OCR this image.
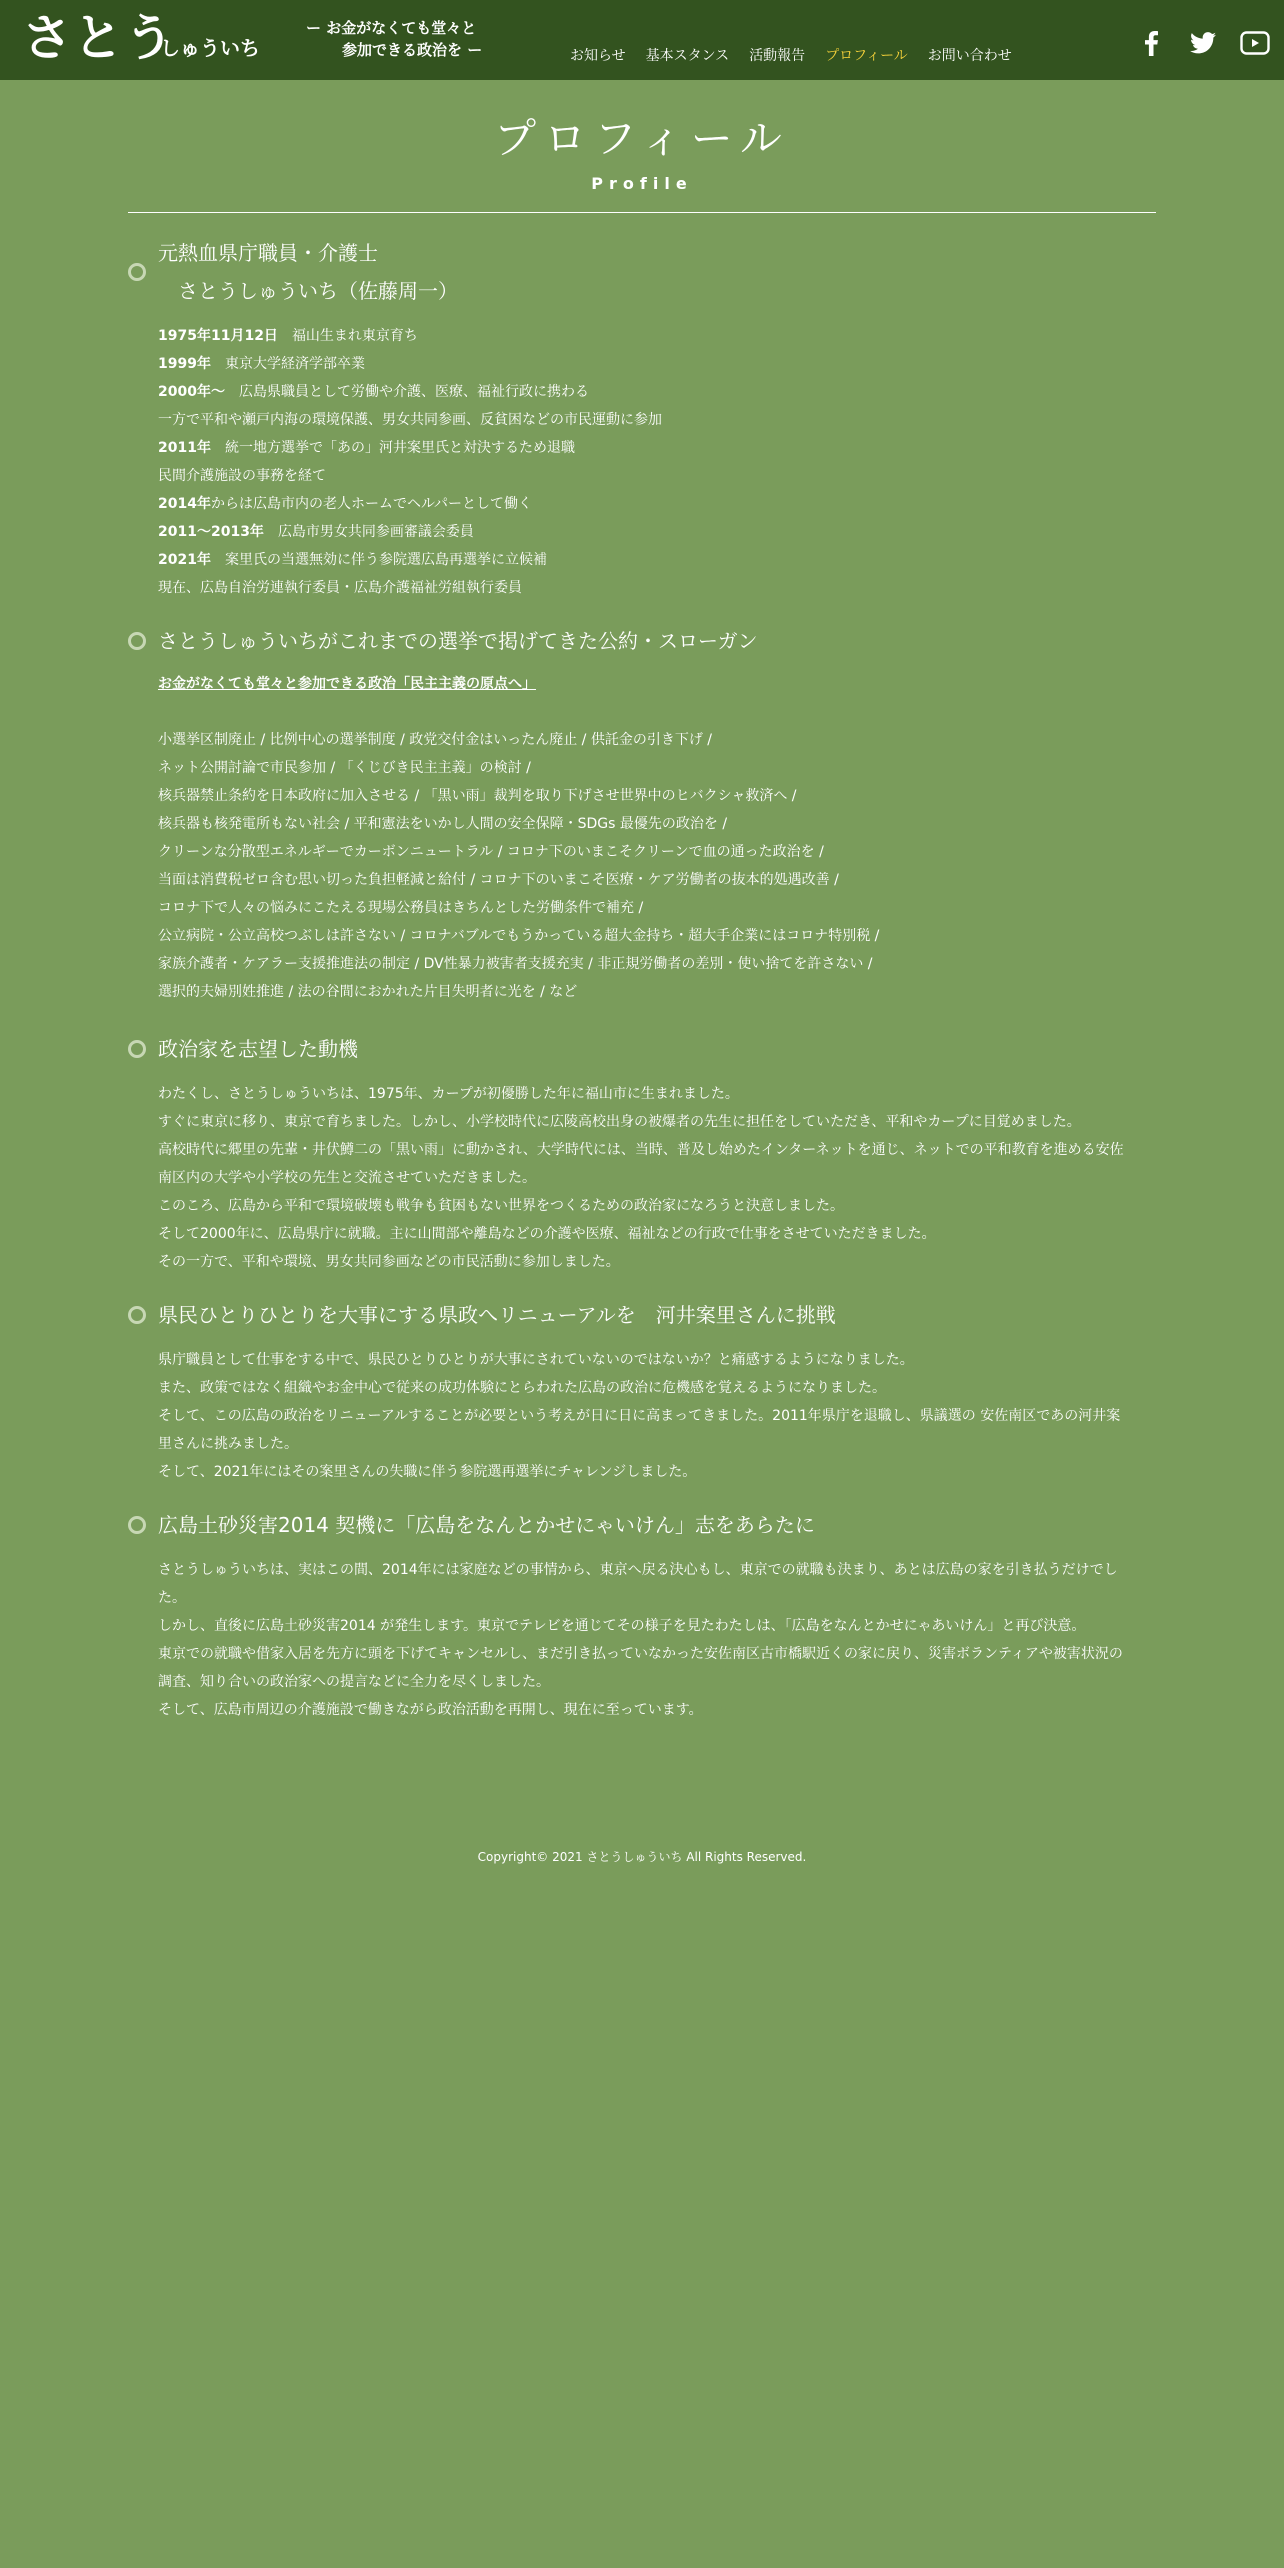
さとう
しゅういち
ー お金がなくても堂々と
参加できる政治を ー	お知らせ 基本スタンス 活動報告 プロフィール お問い合わせ
プロフィール
Profile
元熱血県庁職員・介護士
さとうしゅういち（佐藤周一）
1975年11月12日　 福山生まれ東京育ち
1999年　 東京大学経済学部卒業
2000年～　 広島県職員として労働や介護、医療、福祉行政に携わる
一方で平和や瀬戸内海の環境保護、男女共同参画、反貧困などの市民運動に参加
2011年　 統一地方選挙で「あの」河井案里氏と対決するため退職
民間介護施設の事務を経て
2014年からは広島市内の老人ホームでヘルパーとして働く
2011～2013年　 広島市男女共同参画審議会委員
2021年　 案里氏の当選無効に伴う参院選広島再選挙に立候補
現在、広島自治労連執行委員・広島介護福祉労組執行委員
さとうしゅういちがこれまでの選挙で掲げてきた公約・スローガン
お金がなくても堂々と参加できる政治「民主主義の原点へ」
小選挙区制廃止 / 比例中心の選挙制度 / 政党交付金はいったん廃止 / 供託金の引き下げ /
ネット公開討論で市民参加 / 「くじびき民主主義」の検討 /
核兵器禁止条約を日本政府に加入させる / 「黒い雨」裁判を取り下げさせ世界中のヒバクシャ救済へ /
核兵器も核発電所もない社会 / 平和憲法をいかし人間の安全保障・SDGs 最優先の政治を /
クリーンな分散型エネルギーでカーボンニュートラル / コロナ下のいまこそクリーンで血の通った政治を /
当面は消費税ゼロ含む思い切った負担軽減と給付 / コロナ下のいまこそ医療・ケア労働者の抜本的処遇改善 /
コロナ下で人々の悩みにこたえる現場公務員はきちんとした労働条件で補充 /
公立病院・公立高校つぶしは許さない / コロナバブルでもうかっている超大金持ち・超大手企業にはコロナ特別税 /
家族介護者・ケアラー支援推進法の制定 / DV性暴力被害者支援充実 / 非正規労働者の差別・使い捨てを許さない /
選択的夫婦別姓推進 / 法の谷間におかれた片目失明者に光を / など
政治家を志望した動機
わたくし、さとうしゅういちは、1975年、カープが初優勝した年に福山市に生まれました。
すぐに東京に移り、東京で育ちました。しかし、小学校時代に広陵高校出身の被爆者の先生に担任をしていただき、平和やカープに目覚めました。
高校時代に郷里の先輩・井伏鱒二の「黒い雨」に動かされ、大学時代には、当時、普及し始めたインターネットを通じ、ネットでの平和教育を進める安佐
南区内の大学や小学校の先生と交流させていただきました。
このころ、広島から平和で環境破壊も戦争も貧困もない世界をつくるための政治家になろうと決意しました。
そして2000年に、広島県庁に就職。主に山間部や離島などの介護や医療、福祉などの行政で仕事をさせていただきました。
その一方で、平和や環境、男女共同参画などの市民活動に参加しました。
県民ひとりひとりを大事にする県政へリニューアルを　河井案里さんに挑戦
県庁職員として仕事をする中で、県民ひとりひとりが大事にされていないのではないか？と痛感するようになりました。
また、政策ではなく組織やお金中心で従来の成功体験にとらわれた広島の政治に危機感を覚えるようになりました。
そして、この広島の政治をリニューアルすることが必要という考えが日に日に高まってきました。2011年県庁を退職し、県議選の 安佐南区であの河井案
里さんに挑みました。
そして、2021年にはその案里さんの失職に伴う参院選再選挙にチャレンジしました。
広島土砂災害2014 契機に「広島をなんとかせにゃいけん」志をあらたに
さとうしゅういちは、実はこの間、2014年には家庭などの事情から、東京へ戻る決心もし、東京での就職も決まり、あとは広島の家を引き払うだけでし
た。
しかし、直後に広島土砂災害2014 が発生します。東京でテレビを通じてその様子を見たわたしは、「広島をなんとかせにゃあいけん」と再び決意。
東京での就職や借家入居を先方に頭を下げてキャンセルし、まだ引き払っていなかった安佐南区古市橋駅近くの家に戻り、災害ボランティアや被害状況の
調査、知り合いの政治家への提言などに全力を尽くしました。
そして、広島市周辺の介護施設で働きながら政治活動を再開し、現在に至っています。
Copyright© 2021 さとうしゅういち All Rights Reserved.
